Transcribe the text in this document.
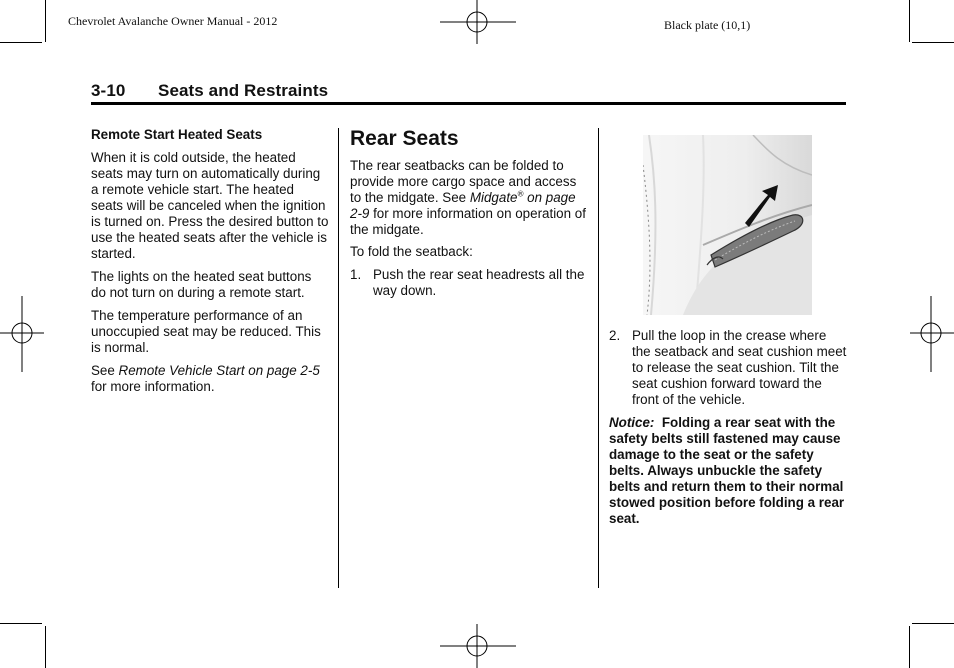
Chevrolet Avalanche Owner Manual - 2012	Black plate (10,1)
3-10 Seats and Restraints

Remote Start Heated Seats

When it is cold outside, the heated seats may turn on automatically during a remote vehicle start. The heated seats will be canceled when the ignition is turned on. Press the desired button to use the heated seats after the vehicle is started.

The lights on the heated seat buttons do not turn on during a remote start.

The temperature performance of an unoccupied seat may be reduced. This is normal.

See Remote Vehicle Start on page 2-5 for more information.

Rear Seats

The rear seatbacks can be folded to provide more cargo space and access to the midgate. See Midgate® on page 2-9 for more information on operation of the midgate.

To fold the seatback:

1. Push the rear seat headrests all the way down.
2. Pull the loop in the crease where the seatback and seat cushion meet to release the seat cushion. Tilt the seat cushion forward toward the front of the vehicle.

Notice: Folding a rear seat with the safety belts still fastened may cause damage to the seat or the safety belts. Always unbuckle the safety belts and return them to their normal stowed position before folding a rear seat.
